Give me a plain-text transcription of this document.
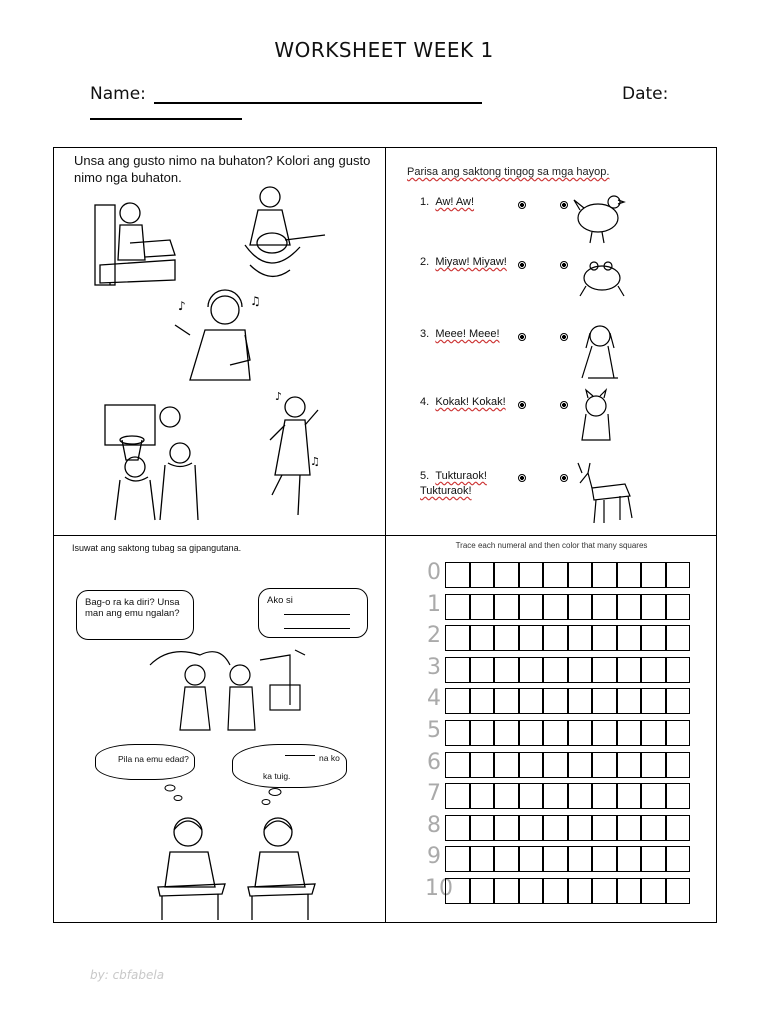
WORKSHEET WEEK 1
Name:	Date:
Unsa ang gusto nimo na buhaton? Kolori ang gusto nimo nga buhaton.
♪	♫
♪
♫
Parisa ang saktong tingog sa mga hayop.
1. Aw! Aw!
2. Miyaw! Miyaw!
3. Meee! Meee!
4. Kokak! Kokak!
5. Tukturaok! Tukturaok!
Isuwat ang saktong tubag sa gipangutana.
Bag-o ra ka diri? Unsa man ang emu ngalan?
Ako si
Pila na emu edad?	na ko
ka tuig.
Trace each numeral and then color that many squares
0
1
2
3
4
5
6
7
8
9
10
by: cbfabela
